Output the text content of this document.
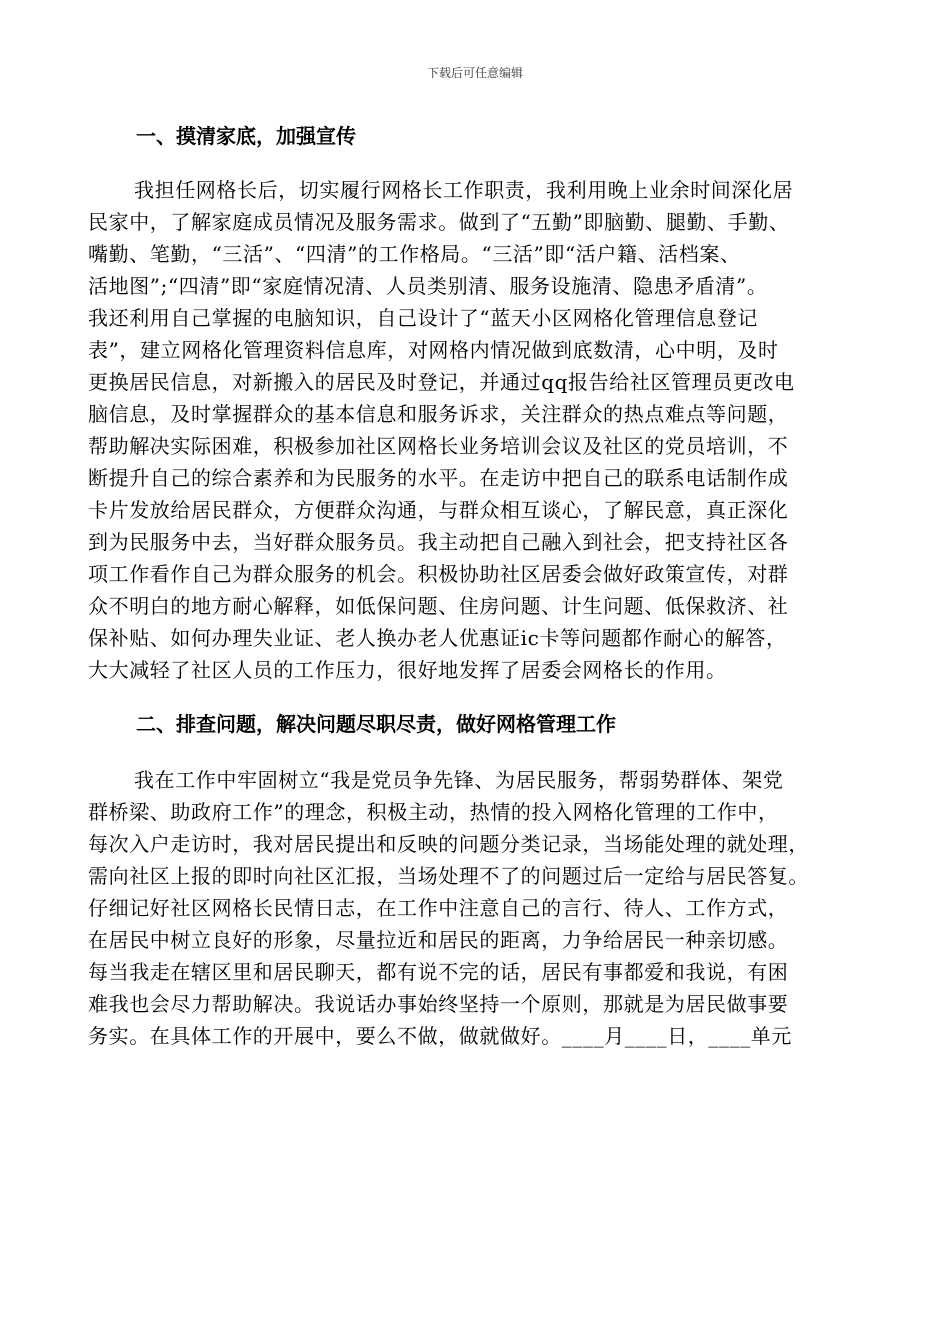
下载后可任意编辑
一、摸清家底，加强宣传
我担任网格长后，切实履行网格长工作职责，我利用晚上业余时间深化居
民家中，了解家庭成员情况及服务需求。做到了“五勤”即脑勤、腿勤、手勤、
嘴勤、笔勤，“三活”、“四清”的工作格局。“三活”即“活户籍、活档案、
活地图”;“四清”即“家庭情况清、人员类别清、服务设施清、隐患矛盾清”。
我还利用自己掌握的电脑知识，自己设计了“蓝天小区网格化管理信息登记
表”，建立网格化管理资料信息库，对网格内情况做到底数清，心中明，及时
更换居民信息，对新搬入的居民及时登记，并通过qq报告给社区管理员更改电
脑信息，及时掌握群众的基本信息和服务诉求，关注群众的热点难点等问题，
帮助解决实际困难，积极参加社区网格长业务培训会议及社区的党员培训，不
断提升自己的综合素养和为民服务的水平。在走访中把自己的联系电话制作成
卡片发放给居民群众，方便群众沟通，与群众相互谈心，了解民意，真正深化
到为民服务中去，当好群众服务员。我主动把自己融入到社会，把支持社区各
项工作看作自己为群众服务的机会。积极协助社区居委会做好政策宣传，对群
众不明白的地方耐心解释，如低保问题、住房问题、计生问题、低保救济、社
保补贴、如何办理失业证、老人换办老人优惠证ic卡等问题都作耐心的解答，
大大减轻了社区人员的工作压力，很好地发挥了居委会网格长的作用。
二、排查问题，解决问题尽职尽责，做好网格管理工作
我在工作中牢固树立“我是党员争先锋、为居民服务，帮弱势群体、架党
群桥梁、助政府工作”的理念，积极主动，热情的投入网格化管理的工作中，
每次入户走访时，我对居民提出和反映的问题分类记录，当场能处理的就处理，
需向社区上报的即时向社区汇报，当场处理不了的问题过后一定给与居民答复。
仔细记好社区网格长民情日志，在工作中注意自己的言行、待人、工作方式，
在居民中树立良好的形象，尽量拉近和居民的距离，力争给居民一种亲切感。
每当我走在辖区里和居民聊天，都有说不完的话，居民有事都爱和我说，有困
难我也会尽力帮助解决。我说话办事始终坚持一个原则，那就是为居民做事要
务实。在具体工作的开展中，要么不做，做就做好。____月____日，____单元
